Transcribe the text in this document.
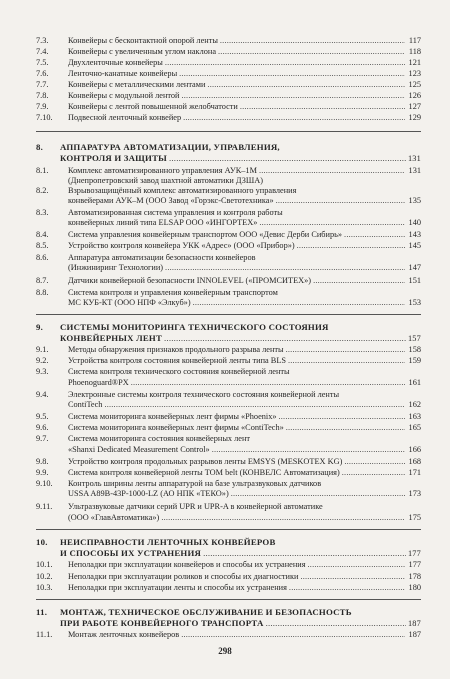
7.3.	Конвейеры с бесконтактной опорой ленты .....	117
7.4.	Конвейеры с увеличенным углом наклона .....	118
7.5.	Двухленточные конвейеры .....	121
7.6.	Ленточно-канатные конвейеры .....	123
7.7.	Конвейеры с металлическими лентами .....	125
7.8.	Конвейеры с модульной лентой .....	126
7.9.	Конвейеры с лентой повышенной желобчатости .....	127
7.10.	Подвесной ленточный конвейер .....	129
8.	АППАРАТУРА АВТОМАТИЗАЦИИ, УПРАВЛЕНИЯ,
КОНТРОЛЯ И ЗАЩИТЫ .....	131
8.1.	Комплекс автоматизированного управления АУК–1М .....	131
(Днепропетровский завод шахтной автоматики ДЗША)
8.2.	Взрывозащищённый комплекс автоматизированного управления
конвейерами АУК–М (ООО Завод «Горэкс-Светотехника» .....	135
8.3.	Автоматизированная система управления и контроля работы
конвейерных линий типа ELSAP ООО «ИНГОРТЕХ» .....	140
8.4.	Система управления конвейерным транспортом ООО «Девис Дерби Сибирь» .....	143
8.5.	Устройство контроля конвейера УКК «Адрес» (ООО «Прибор») .....	145
8.6.	Аппаратура автоматизации безопасности конвейеров
(Инжиниринг Технологии) .....	147
8.7.	Датчики конвейерной безопасности INNOLEVEL («ПРОМСИТЕХ») .....	151
8.8.	Система контроля и управления конвейерным транспортом
МС КУБ-КТ (ООО НПФ «Элкуб») .....	153
9.	СИСТЕМЫ МОНИТОРИНГА ТЕХНИЧЕСКОГО СОСТОЯНИЯ
КОНВЕЙЕРНЫХ ЛЕНТ .....	157
9.1.	Методы обнаружения признаков продольного разрыва ленты .....	158
9.2.	Устройства контроля состояния конвейерной ленты типа BLS .....	159
9.3.	Система контроля технического состояния конвейерной ленты
Phoenoguard®PX .....	161
9.4.	Электронные системы контроля технического состояния конвейерной ленты
ContiTech .....	162
9.5.	Система мониторинга конвейерных лент фирмы «Phoenix» .....	163
9.6.	Система мониторинга конвейерных лент фирмы «ContiTech» .....	165
9.7.	Система мониторинга состояния конвейерных лент
«Shanxi Dedicated Measurement Control» .....	166
9.8.	Устройство контроля продольных разрывов ленты EMSYS (MESKOTEX KG) .....	168
9.9.	Система контроля конвейерной ленты TOM belt (КОНВЕЛС Автоматизация) .....	171
9.10.	Контроль ширины ленты аппаратурой на базе ультразвуковых датчиков
USSA A89B-43P-1000-LZ (АО НПК «ТЕКО») .....	173
9.11.	Ультразвуковые датчики серий UPR и UPR-A в конвейерной автоматике
(ООО «ГлавАвтоматика») .....	175
10.	НЕИСПРАВНОСТИ ЛЕНТОЧНЫХ КОНВЕЙЕРОВ
И СПОСОБЫ ИХ УСТРАНЕНИЯ .....	177
10.1.	Неполадки при эксплуатации конвейеров и способы их устранения .....	177
10.2.	Неполадки при эксплуатации роликов и способы их диагностики .....	178
10.3.	Неполадки при эксплуатации ленты и способы их устранения .....	180
11.	МОНТАЖ, ТЕХНИЧЕСКОЕ ОБСЛУЖИВАНИЕ И БЕЗОПАСНОСТЬ
ПРИ РАБОТЕ КОНВЕЙЕРНОГО ТРАНСПОРТА .....	187
11.1.	Монтаж ленточных конвейеров .....	187
298
